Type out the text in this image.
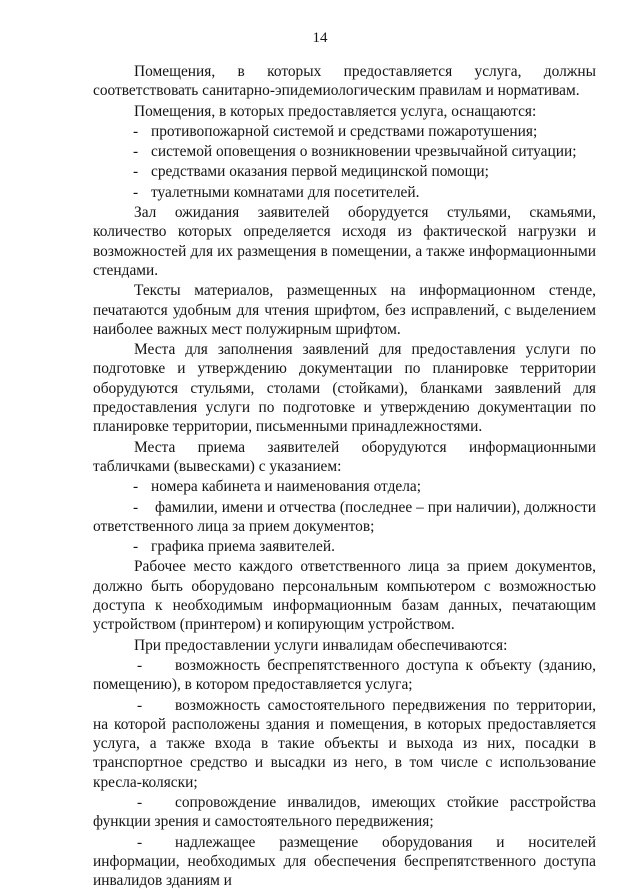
14
Помещения, в которых предоставляется услуга, должны соответствовать санитарно-эпидемиологическим правилам и нормативам.
Помещения, в которых предоставляется услуга, оснащаются:
- противопожарной системой и средствами пожаротушения;
- системой оповещения о возникновении чрезвычайной ситуации;
- средствами оказания первой медицинской помощи;
- туалетными комнатами для посетителей.
Зал ожидания заявителей оборудуется стульями, скамьями, количество которых определяется исходя из фактической нагрузки и возможностей для их размещения в помещении, а также информационными стендами.
Тексты материалов, размещенных на информационном стенде, печатаются удобным для чтения шрифтом, без исправлений, с выделением наиболее важных мест полужирным шрифтом.
Места для заполнения заявлений для предоставления услуги по подготовке и утверждению документации по планировке территории оборудуются стульями, столами (стойками), бланками заявлений для предоставления услуги по подготовке и утверждению документации по планировке территории, письменными принадлежностями.
Места приема заявителей оборудуются информационными табличками (вывесками) с указанием:
- номера кабинета и наименования отдела;
- фамилии, имени и отчества (последнее – при наличии), должности ответственного лица за прием документов;
- графика приема заявителей.
Рабочее место каждого ответственного лица за прием документов, должно быть оборудовано персональным компьютером с возможностью доступа к необходимым информационным базам данных, печатающим устройством (принтером) и копирующим устройством.
При предоставлении услуги инвалидам обеспечиваются:
- возможность беспрепятственного доступа к объекту (зданию, помещению), в котором предоставляется услуга;
- возможность самостоятельного передвижения по территории, на которой расположены здания и помещения, в которых предоставляется услуга, а также входа в такие объекты и выхода из них, посадки в транспортное средство и высадки из него, в том числе с использование кресла-коляски;
- сопровождение инвалидов, имеющих стойкие расстройства функции зрения и самостоятельного передвижения;
- надлежащее размещение оборудования и носителей информации, необходимых для обеспечения беспрепятственного доступа инвалидов зданиям и
